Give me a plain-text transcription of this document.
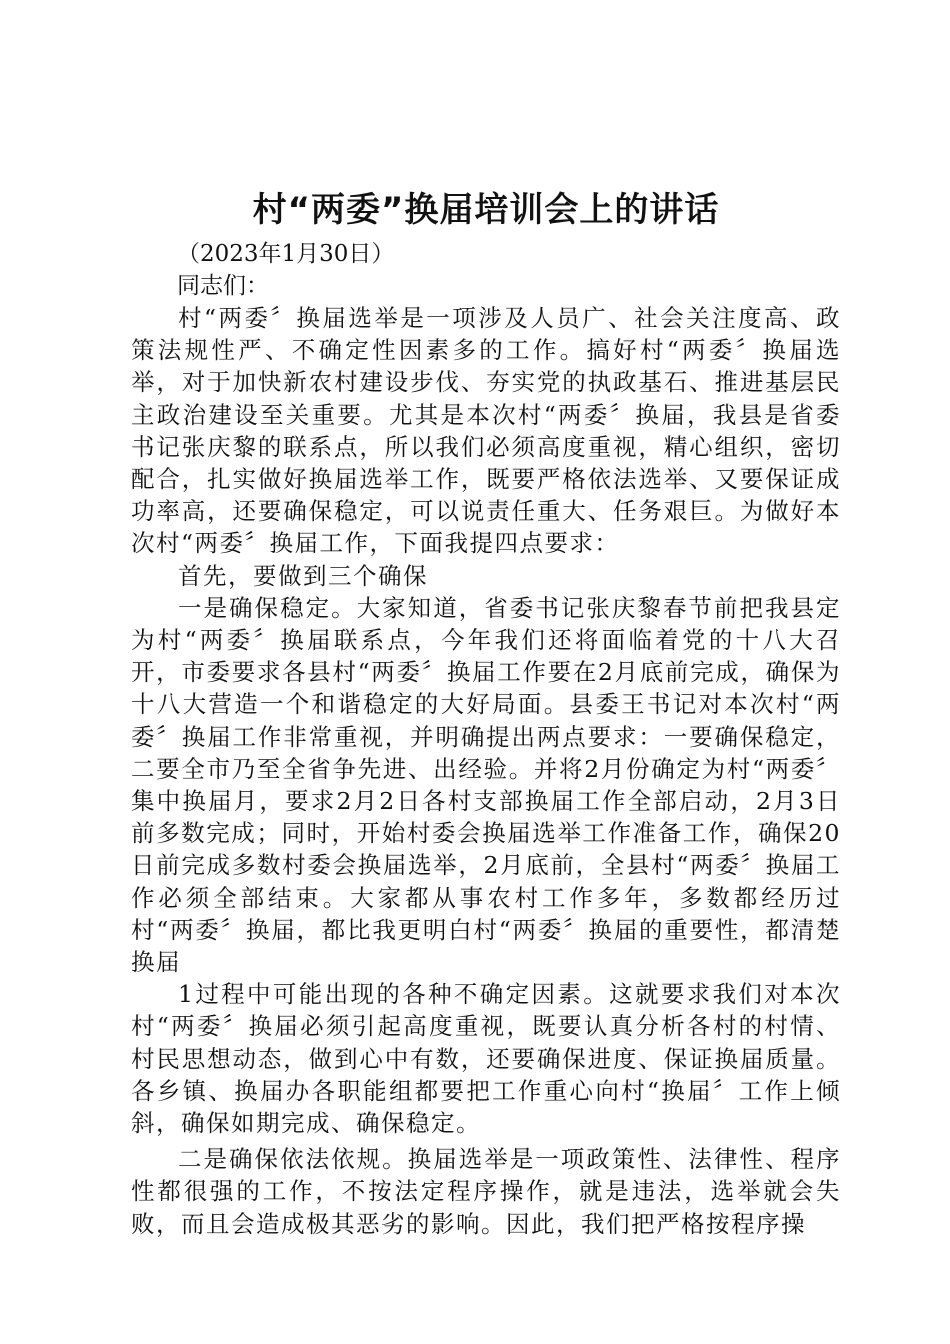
村“两委”换届培训会上的讲话

（2023年1月30日）

同志们：

村“两委〞换届选举是一项涉及人员广、社会关注度高、政策法规性严、不确定性因素多的工作。搞好村“两委〞换届选举，对于加快新农村建设步伐、夯实党的执政基石、推进基层民主政治建设至关重要。尤其是本次村“两委〞换届，我县是省委书记张庆黎的联系点，所以我们必须高度重视，精心组织，密切配合，扎实做好换届选举工作，既要严格依法选举、又要保证成功率高，还要确保稳定，可以说责任重大、任务艰巨。为做好本次村“两委〞换届工作，下面我提四点要求：

首先，要做到三个确保

一是确保稳定。大家知道，省委书记张庆黎春节前把我县定为村“两委〞换届联系点，今年我们还将面临着党的十八大召开，市委要求各县村“两委〞换届工作要在2月底前完成，确保为十八大营造一个和谐稳定的大好局面。县委王书记对本次村“两委〞换届工作非常重视，并明确提出两点要求：一要确保稳定，二要全市乃至全省争先进、出经验。并将2月份确定为村“两委〞集中换届月，要求2月2日各村支部换届工作全部启动，2月3日前多数完成；同时，开始村委会换届选举工作准备工作，确保20日前完成多数村委会换届选举，2月底前，全县村“两委〞换届工作必须全部结束。大家都从事农村工作多年，多数都经历过村“两委〞换届，都比我更明白村“两委〞换届的重要性，都清楚换届

1过程中可能出现的各种不确定因素。这就要求我们对本次村“两委〞换届必须引起高度重视，既要认真分析各村的村情、村民思想动态，做到心中有数，还要确保进度、保证换届质量。各乡镇、换届办各职能组都要把工作重心向村“换届〞工作上倾斜，确保如期完成、确保稳定。

二是确保依法依规。换届选举是一项政策性、法律性、程序性都很强的工作，不按法定程序操作，就是违法，选举就会失败，而且会造成极其恶劣的影响。因此，我们把严格按程序操
